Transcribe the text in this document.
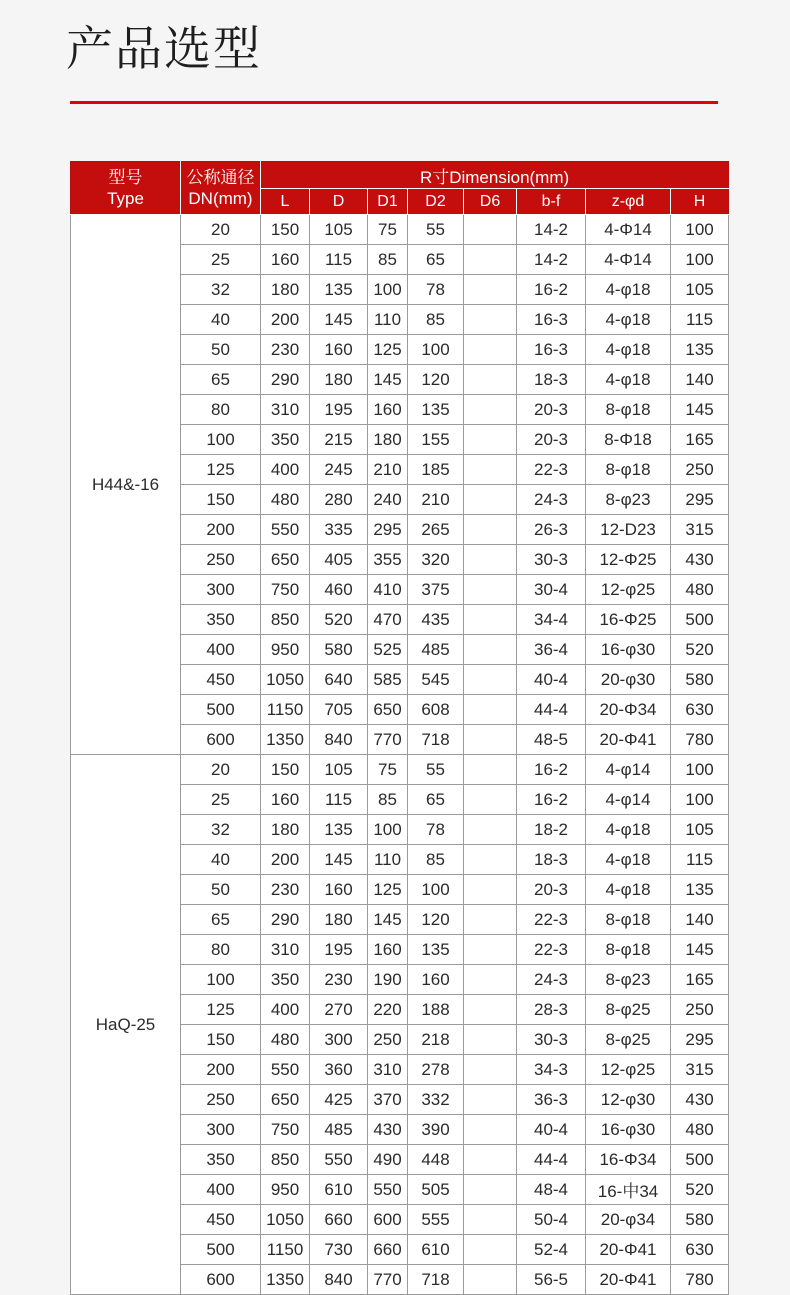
产品选型
型号
Type

公称通径
DN(mm)
	R寸Dimension(mm)
		L	D	D1	D2	D6	b-f	z-φd	H
H44&-16	20	150	105	75	55		14-2	4-Φ14	100
	25	160	115	85	65		14-2	4-Φ14	100
	32	180	135	100	78		16-2	4-φ18	105
	40	200	145	110	85		16-3	4-φ18	115
	50	230	160	125	100		16-3	4-φ18	135
	65	290	180	145	120		18-3	4-φ18	140
	80	310	195	160	135		20-3	8-φ18	145
	100	350	215	180	155		20-3	8-Φ18	165
	125	400	245	210	185		22-3	8-φ18	250
	150	480	280	240	210		24-3	8-φ23	295
	200	550	335	295	265		26-3	12-D23	315
	250	650	405	355	320		30-3	12-Φ25	430
	300	750	460	410	375		30-4	12-φ25	480
	350	850	520	470	435		34-4	16-Φ25	500
	400	950	580	525	485		36-4	16-φ30	520
	450	1050	640	585	545		40-4	20-φ30	580
	500	1150	705	650	608		44-4	20-Φ34	630
	600	1350	840	770	718		48-5	20-Φ41	780
HaQ-25	20	150	105	75	55		16-2	4-φ14	100
	25	160	115	85	65		16-2	4-φ14	100
	32	180	135	100	78		18-2	4-φ18	105
	40	200	145	110	85		18-3	4-φ18	115
	50	230	160	125	100		20-3	4-φ18	135
	65	290	180	145	120		22-3	8-φ18	140
	80	310	195	160	135		22-3	8-φ18	145
	100	350	230	190	160		24-3	8-φ23	165
	125	400	270	220	188		28-3	8-φ25	250
	150	480	300	250	218		30-3	8-φ25	295
	200	550	360	310	278		34-3	12-φ25	315
	250	650	425	370	332		36-3	12-φ30	430
	300	750	485	430	390		40-4	16-φ30	480
	350	850	550	490	448		44-4	16-Φ34	500
	400	950	610	550	505		48-4	16-中34	520
	450	1050	660	600	555		50-4	20-φ34	580
	500	1150	730	660	610		52-4	20-Φ41	630
	600	1350	840	770	718		56-5	20-Φ41	780
